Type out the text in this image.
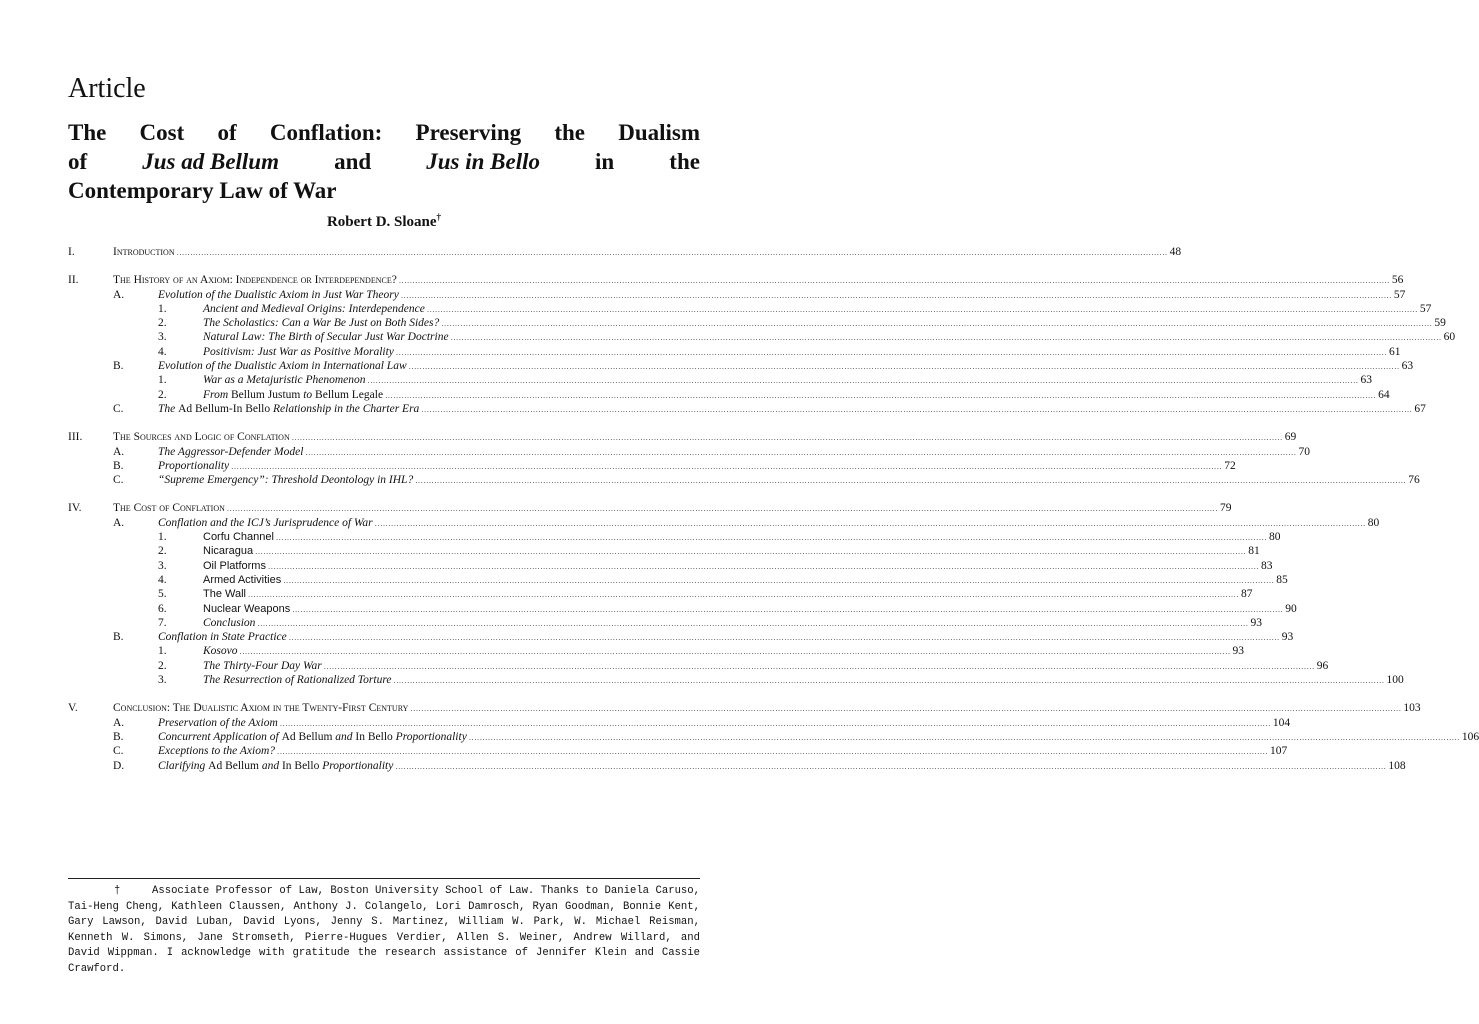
Article
The Cost of Conflation: Preserving the Dualism
of Jus ad Bellum and Jus in Bello in the
Contemporary Law of War
Robert D. Sloane†
I.	Introduction .....	48
II.	The History of an Axiom: Independence or Interdependence? .....	56
A.	Evolution of the Dualistic Axiom in Just War Theory .....	57
1.	Ancient and Medieval Origins: Interdependence .....	57
2.	The Scholastics: Can a War Be Just on Both Sides? .....	59
3.	Natural Law: The Birth of Secular Just War Doctrine .....	60
4.	Positivism: Just War as Positive Morality .....	61
B.	Evolution of the Dualistic Axiom in International Law .....	63
1.	War as a Metajuristic Phenomenon .....	63
2.	From Bellum Justum to Bellum Legale .....	64
C.	The Ad Bellum-In Bello Relationship in the Charter Era .....	67
III.	The Sources and Logic of Conflation .....	69
A.	The Aggressor-Defender Model .....	70
B.	Proportionality .....	72
C.	“Supreme Emergency”: Threshold Deontology in IHL? .....	76
IV.	The Cost of Conflation .....	79
A.	Conflation and the ICJ’s Jurisprudence of War .....	80
1.	Corfu Channel .....	80
2.	Nicaragua .....	81
3.	Oil Platforms .....	83
4.	Armed Activities .....	85
5.	The Wall .....	87
6.	Nuclear Weapons .....	90
7.	Conclusion .....	93
B.	Conflation in State Practice .....	93
1.	Kosovo .....	93
2.	The Thirty-Four Day War .....	96
3.	The Resurrection of Rationalized Torture .....	100
V.	Conclusion: The Dualistic Axiom in the Twenty-First Century .....	103
A.	Preservation of the Axiom .....	104
B.	Concurrent Application of Ad Bellum and In Bello Proportionality .....	106
C.	Exceptions to the Axiom? .....	107
D.	Clarifying Ad Bellum and In Bello Proportionality .....	108
†	Associate Professor of Law, Boston University School of Law. Thanks to Daniela Caruso, Tai-Heng Cheng, Kathleen Claussen, Anthony J. Colangelo, Lori Damrosch, Ryan Goodman, Bonnie Kent, Gary Lawson, David Luban, David Lyons, Jenny S. Martinez, William W. Park, W. Michael Reisman, Kenneth W. Simons, Jane Stromseth, Pierre-Hugues Verdier, Allen S. Weiner, Andrew Willard, and David Wippman. I acknowledge with gratitude the research assistance of Jennifer Klein and Cassie Crawford.
